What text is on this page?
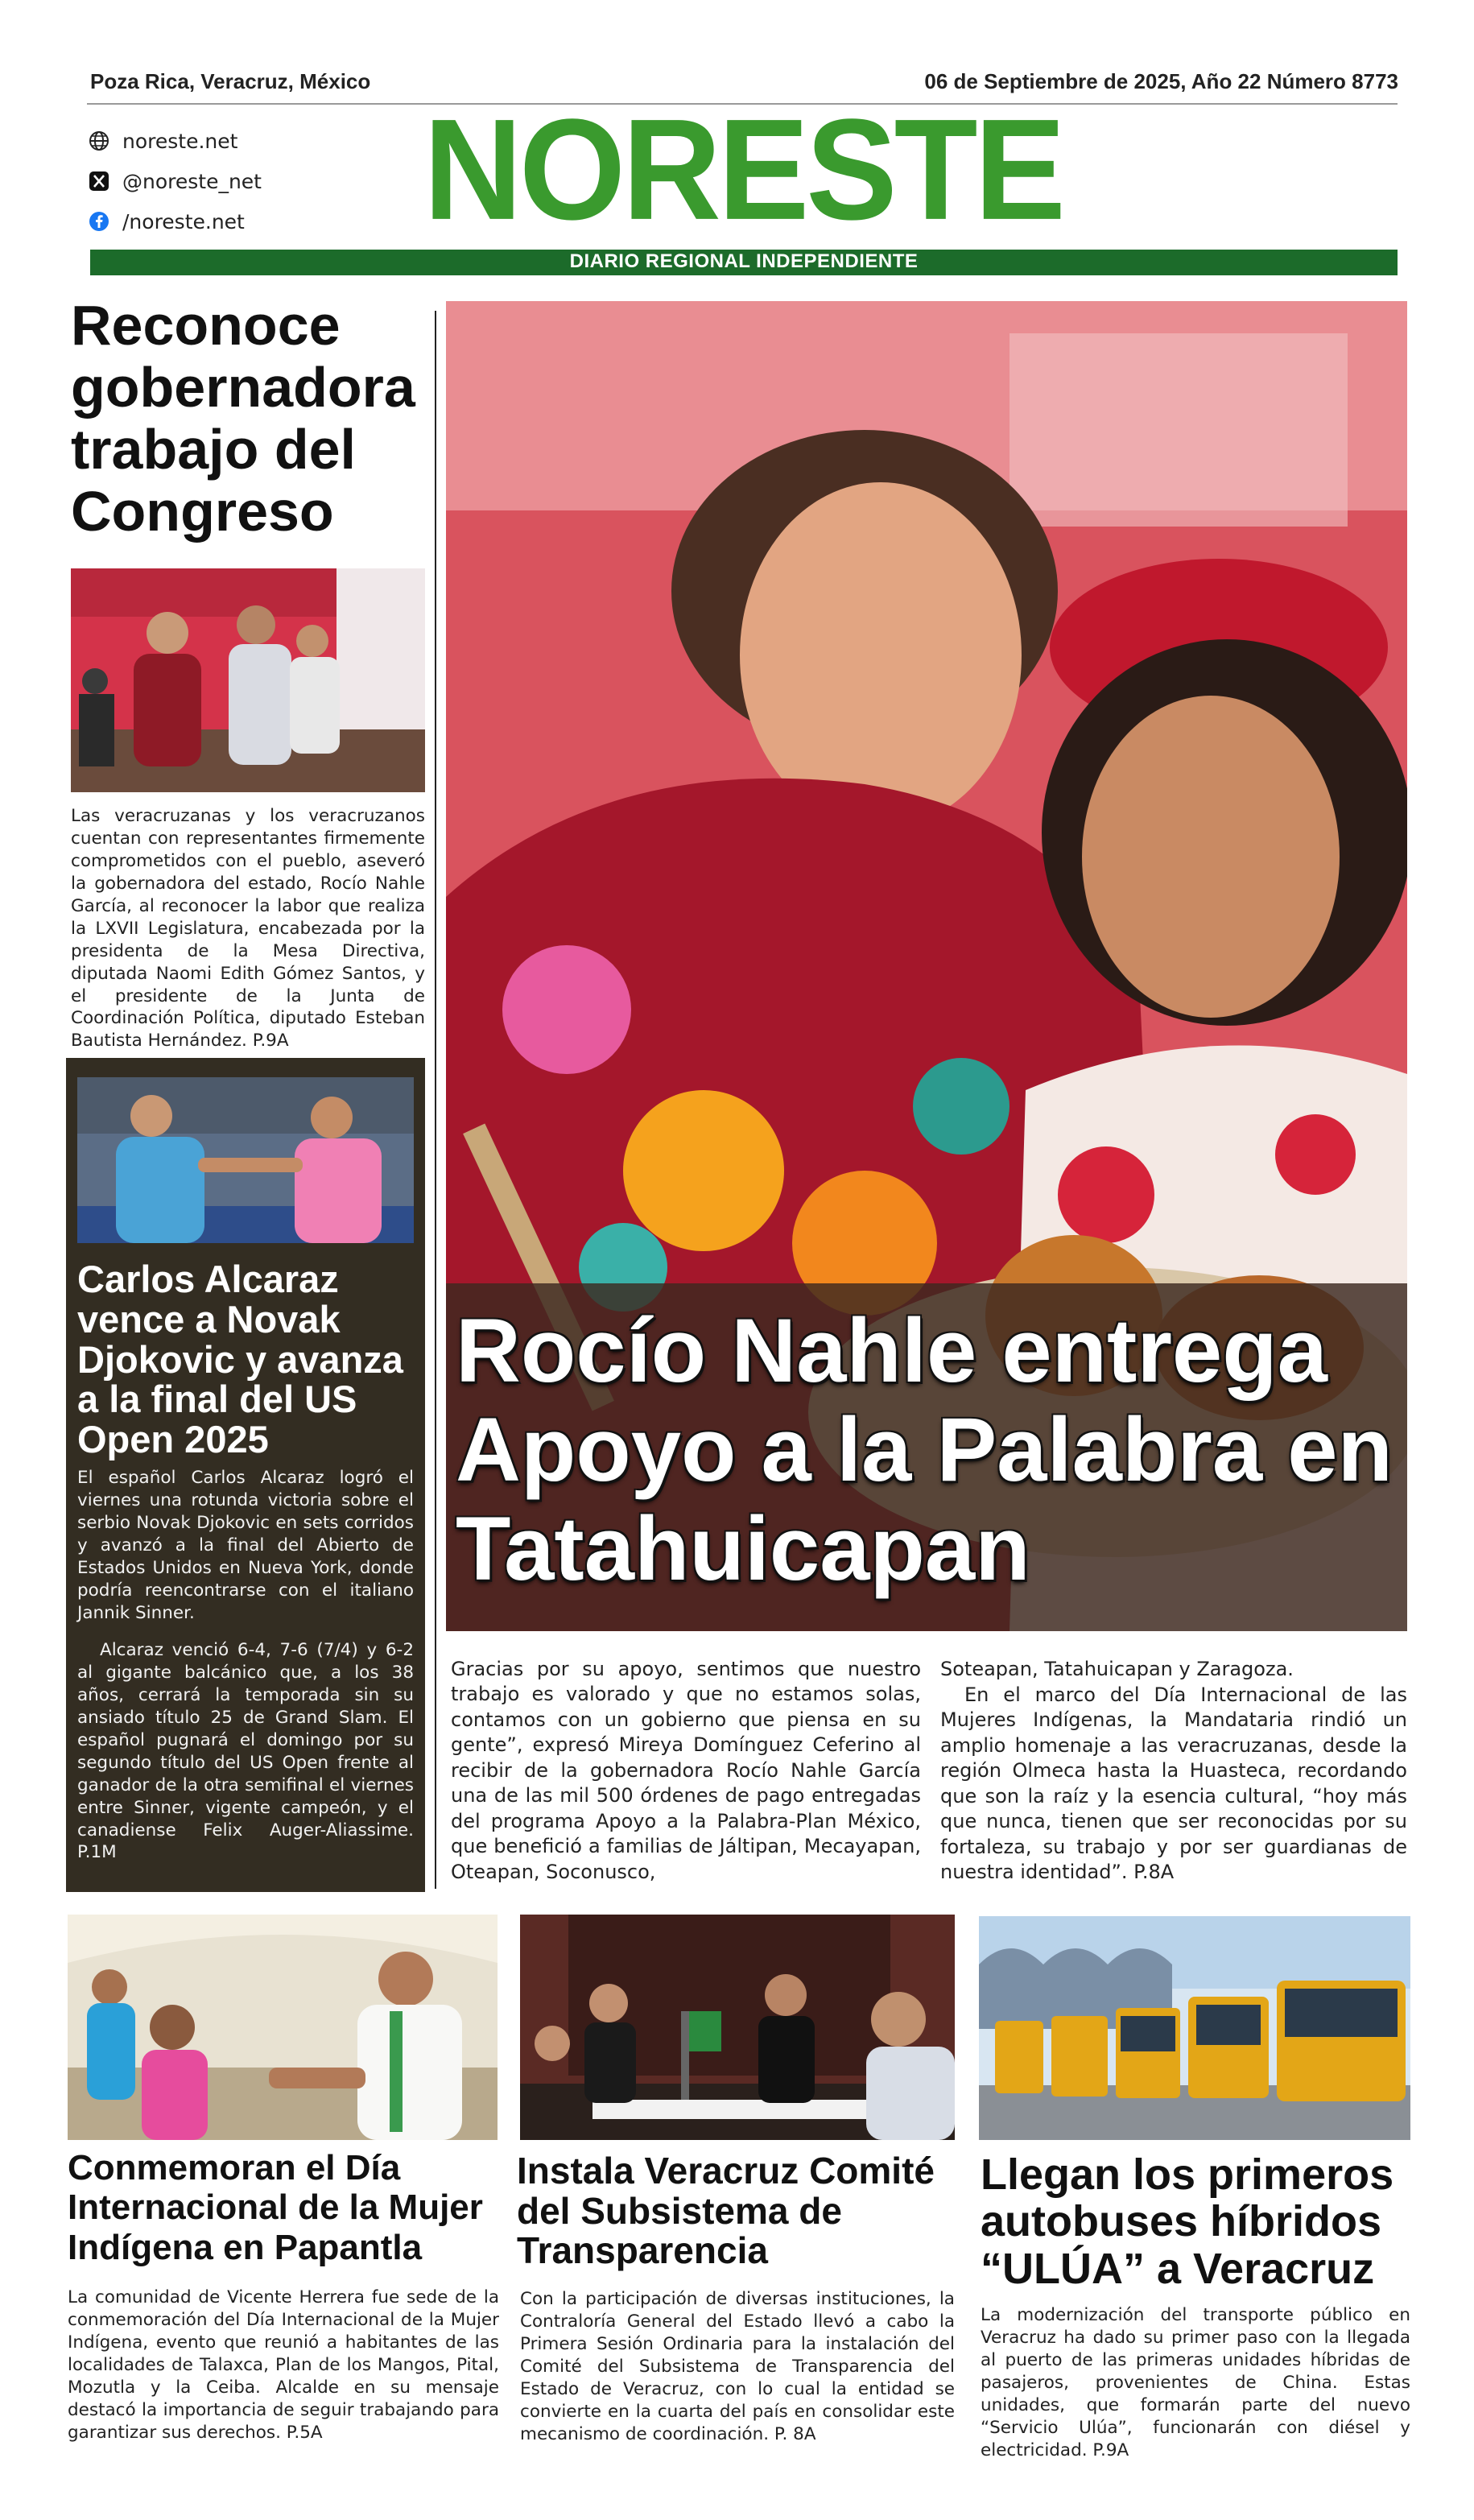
Poza Rica, Veracruz, México	06 de Septiembre de 2025, Año 22 Número 8773
noreste.net
@noreste_net
/noreste.net NORESTE
DIARIO REGIONAL INDEPENDIENTE
Reconoce gobernadora trabajo del Congreso
Las veracruzanas y los veracruzanos cuentan con representantes firmemente comprometidos con el pueblo, aseveró la gobernadora del estado, Rocío Nahle García, al reconocer la labor que realiza la LXVII Legislatura, encabezada por la presidenta de la Mesa Directiva, diputada Naomi Edith Gómez Santos, y el presidente de la Junta de Coordinación Política, diputado Esteban Bautista Hernández. P.9A
Carlos Alcaraz vence a Novak Djokovic y avanza a la final del US Open 2025
El español Carlos Alcaraz logró el viernes una rotunda victoria sobre el serbio Novak Djokovic en sets corridos y avanzó a la final del Abierto de Estados Unidos en Nueva York, donde podría reencontrarse con el italiano Jannik Sinner.
Alcaraz venció 6-4, 7-6 (7/4) y 6-2 al gigante balcánico que, a los 38 años, cerrará la temporada sin su ansiado título 25 de Grand Slam. El español pugnará el domingo por su segundo título del US Open frente al ganador de la otra semifinal el viernes entre Sinner, vigente campeón, y el canadiense Felix Auger-Aliassime. P.1M
Rocío Nahle entrega Apoyo a la Palabra en Tatahuicapan
Gracias por su apoyo, sentimos que nuestro trabajo es valorado y que no estamos solas, contamos con un gobierno que piensa en su gente”, expresó Mireya Domínguez Ceferino al recibir de la gobernadora Rocío Nahle García una de las mil 500 órdenes de pago entregadas del programa Apoyo a la Palabra-Plan México, que benefició a familias de Jáltipan, Mecayapan, Oteapan, Soconusco,
Soteapan, Tatahuicapan y Zaragoza.
En el marco del Día Internacional de las Mujeres Indígenas, la Mandataria rindió un amplio homenaje a las veracruzanas, desde la región Olmeca hasta la Huasteca, recordando que son la raíz y la esencia cultural, “hoy más que nunca, tienen que ser reconocidas por su fortaleza, su trabajo y por ser guardianas de nuestra identidad”. P.8A
Conmemoran el Día Internacional de la Mujer Indígena en Papantla
La comunidad de Vicente Herrera fue sede de la conmemoración del Día Internacional de la Mujer Indígena, evento que reunió a habitantes de las localidades de Talaxca, Plan de los Mangos, Pital, Mozutla y la Ceiba. Alcalde en su mensaje destacó la importancia de seguir trabajando para garantizar sus derechos. P.5A
Instala Veracruz Comité del Subsistema de Transparencia
Con la participación de diversas instituciones, la Contraloría General del Estado llevó a cabo la Primera Sesión Ordinaria para la instalación del Comité del Subsistema de Transparencia del Estado de Veracruz, con lo cual la entidad se convierte en la cuarta del país en consolidar este mecanismo de coordinación. P. 8A
Llegan los primeros autobuses híbridos “ULÚA” a Veracruz
La modernización del transporte público en Veracruz ha dado su primer paso con la llegada al puerto de las primeras unidades híbridas de pasajeros, provenientes de China. Estas unidades, que formarán parte del nuevo “Servicio Ulúa”, funcionarán con diésel y electricidad. P.9A
